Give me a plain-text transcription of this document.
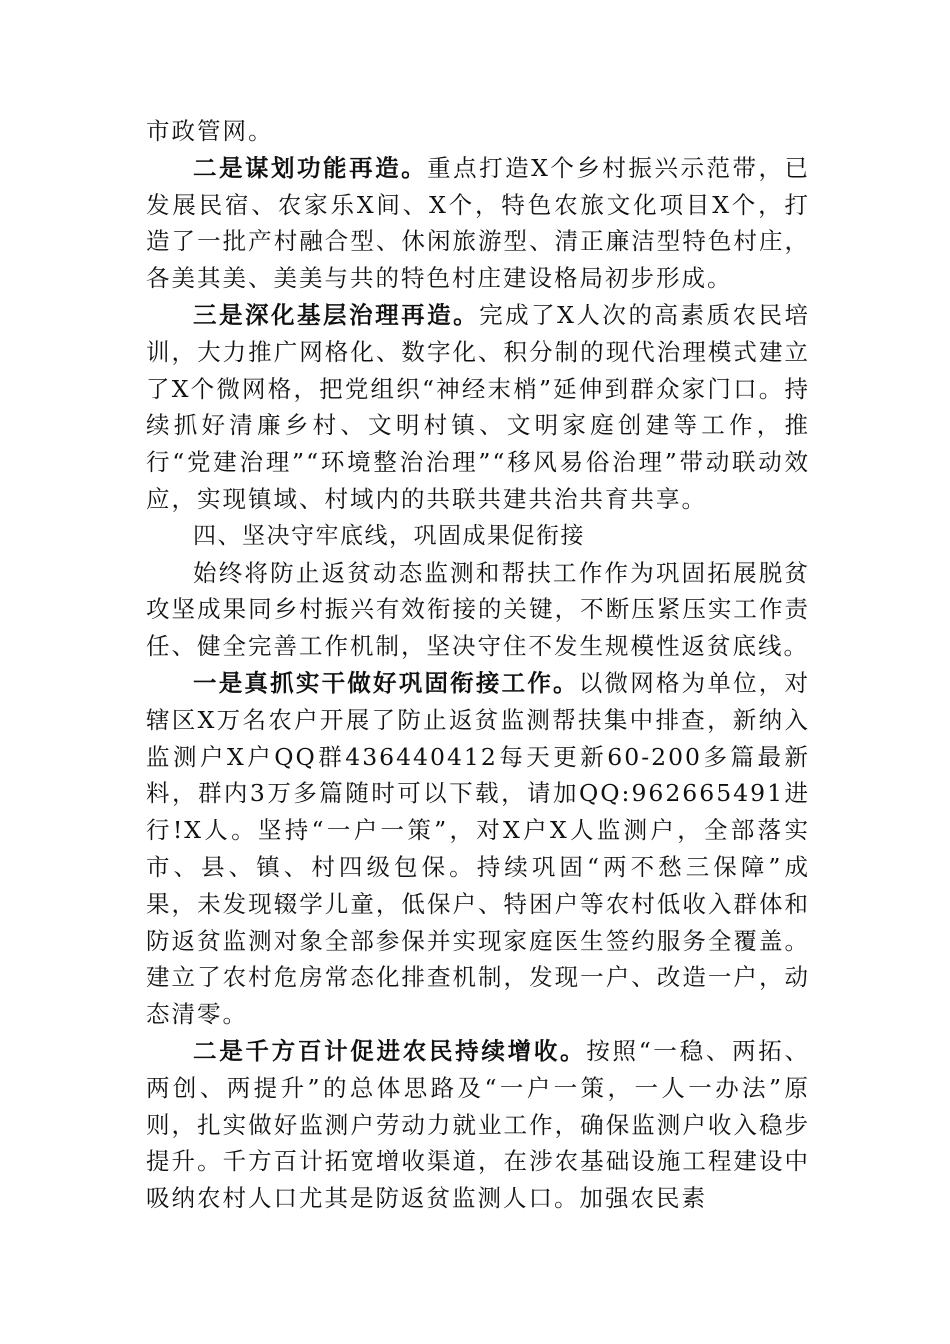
市政管网。

二是谋划功能再造。重点打造X个乡村振兴示范带，已发展民宿、农家乐X间、X个，特色农旅文化项目X个，打造了一批产村融合型、休闲旅游型、清正廉洁型特色村庄，各美其美、美美与共的特色村庄建设格局初步形成。

三是深化基层治理再造。完成了X人次的高素质农民培训，大力推广网格化、数字化、积分制的现代治理模式建立了X个微网格，把党组织“神经末梢”延伸到群众家门口。持续抓好清廉乡村、文明村镇、文明家庭创建等工作，推行“党建治理”“环境整治治理”“移风易俗治理”带动联动效应，实现镇域、村域内的共联共建共治共育共享。

四、坚决守牢底线，巩固成果促衔接

始终将防止返贫动态监测和帮扶工作作为巩固拓展脱贫攻坚成果同乡村振兴有效衔接的关键，不断压紧压实工作责任、健全完善工作机制，坚决守住不发生规模性返贫底线。

一是真抓实干做好巩固衔接工作。以微网格为单位，对辖区X万名农户开展了防止返贫监测帮扶集中排查，新纳入监测户X户QQ群436440412每天更新60-200多篇最新料，群内3万多篇随时可以下载，请加QQ:962665491进行!X人。坚持“一户一策”，对X户X人监测户，全部落实市、县、镇、村四级包保。持续巩固“两不愁三保障”成果，未发现辍学儿童，低保户、特困户等农村低收入群体和防返贫监测对象全部参保并实现家庭医生签约服务全覆盖。建立了农村危房常态化排查机制，发现一户、改造一户，动态清零。

二是千方百计促进农民持续增收。按照“一稳、两拓、两创、两提升”的总体思路及“一户一策，一人一办法”原则，扎实做好监测户劳动力就业工作，确保监测户收入稳步提升。千方百计拓宽增收渠道，在涉农基础设施工程建设中吸纳农村人口尤其是防返贫监测人口。加强农民素
